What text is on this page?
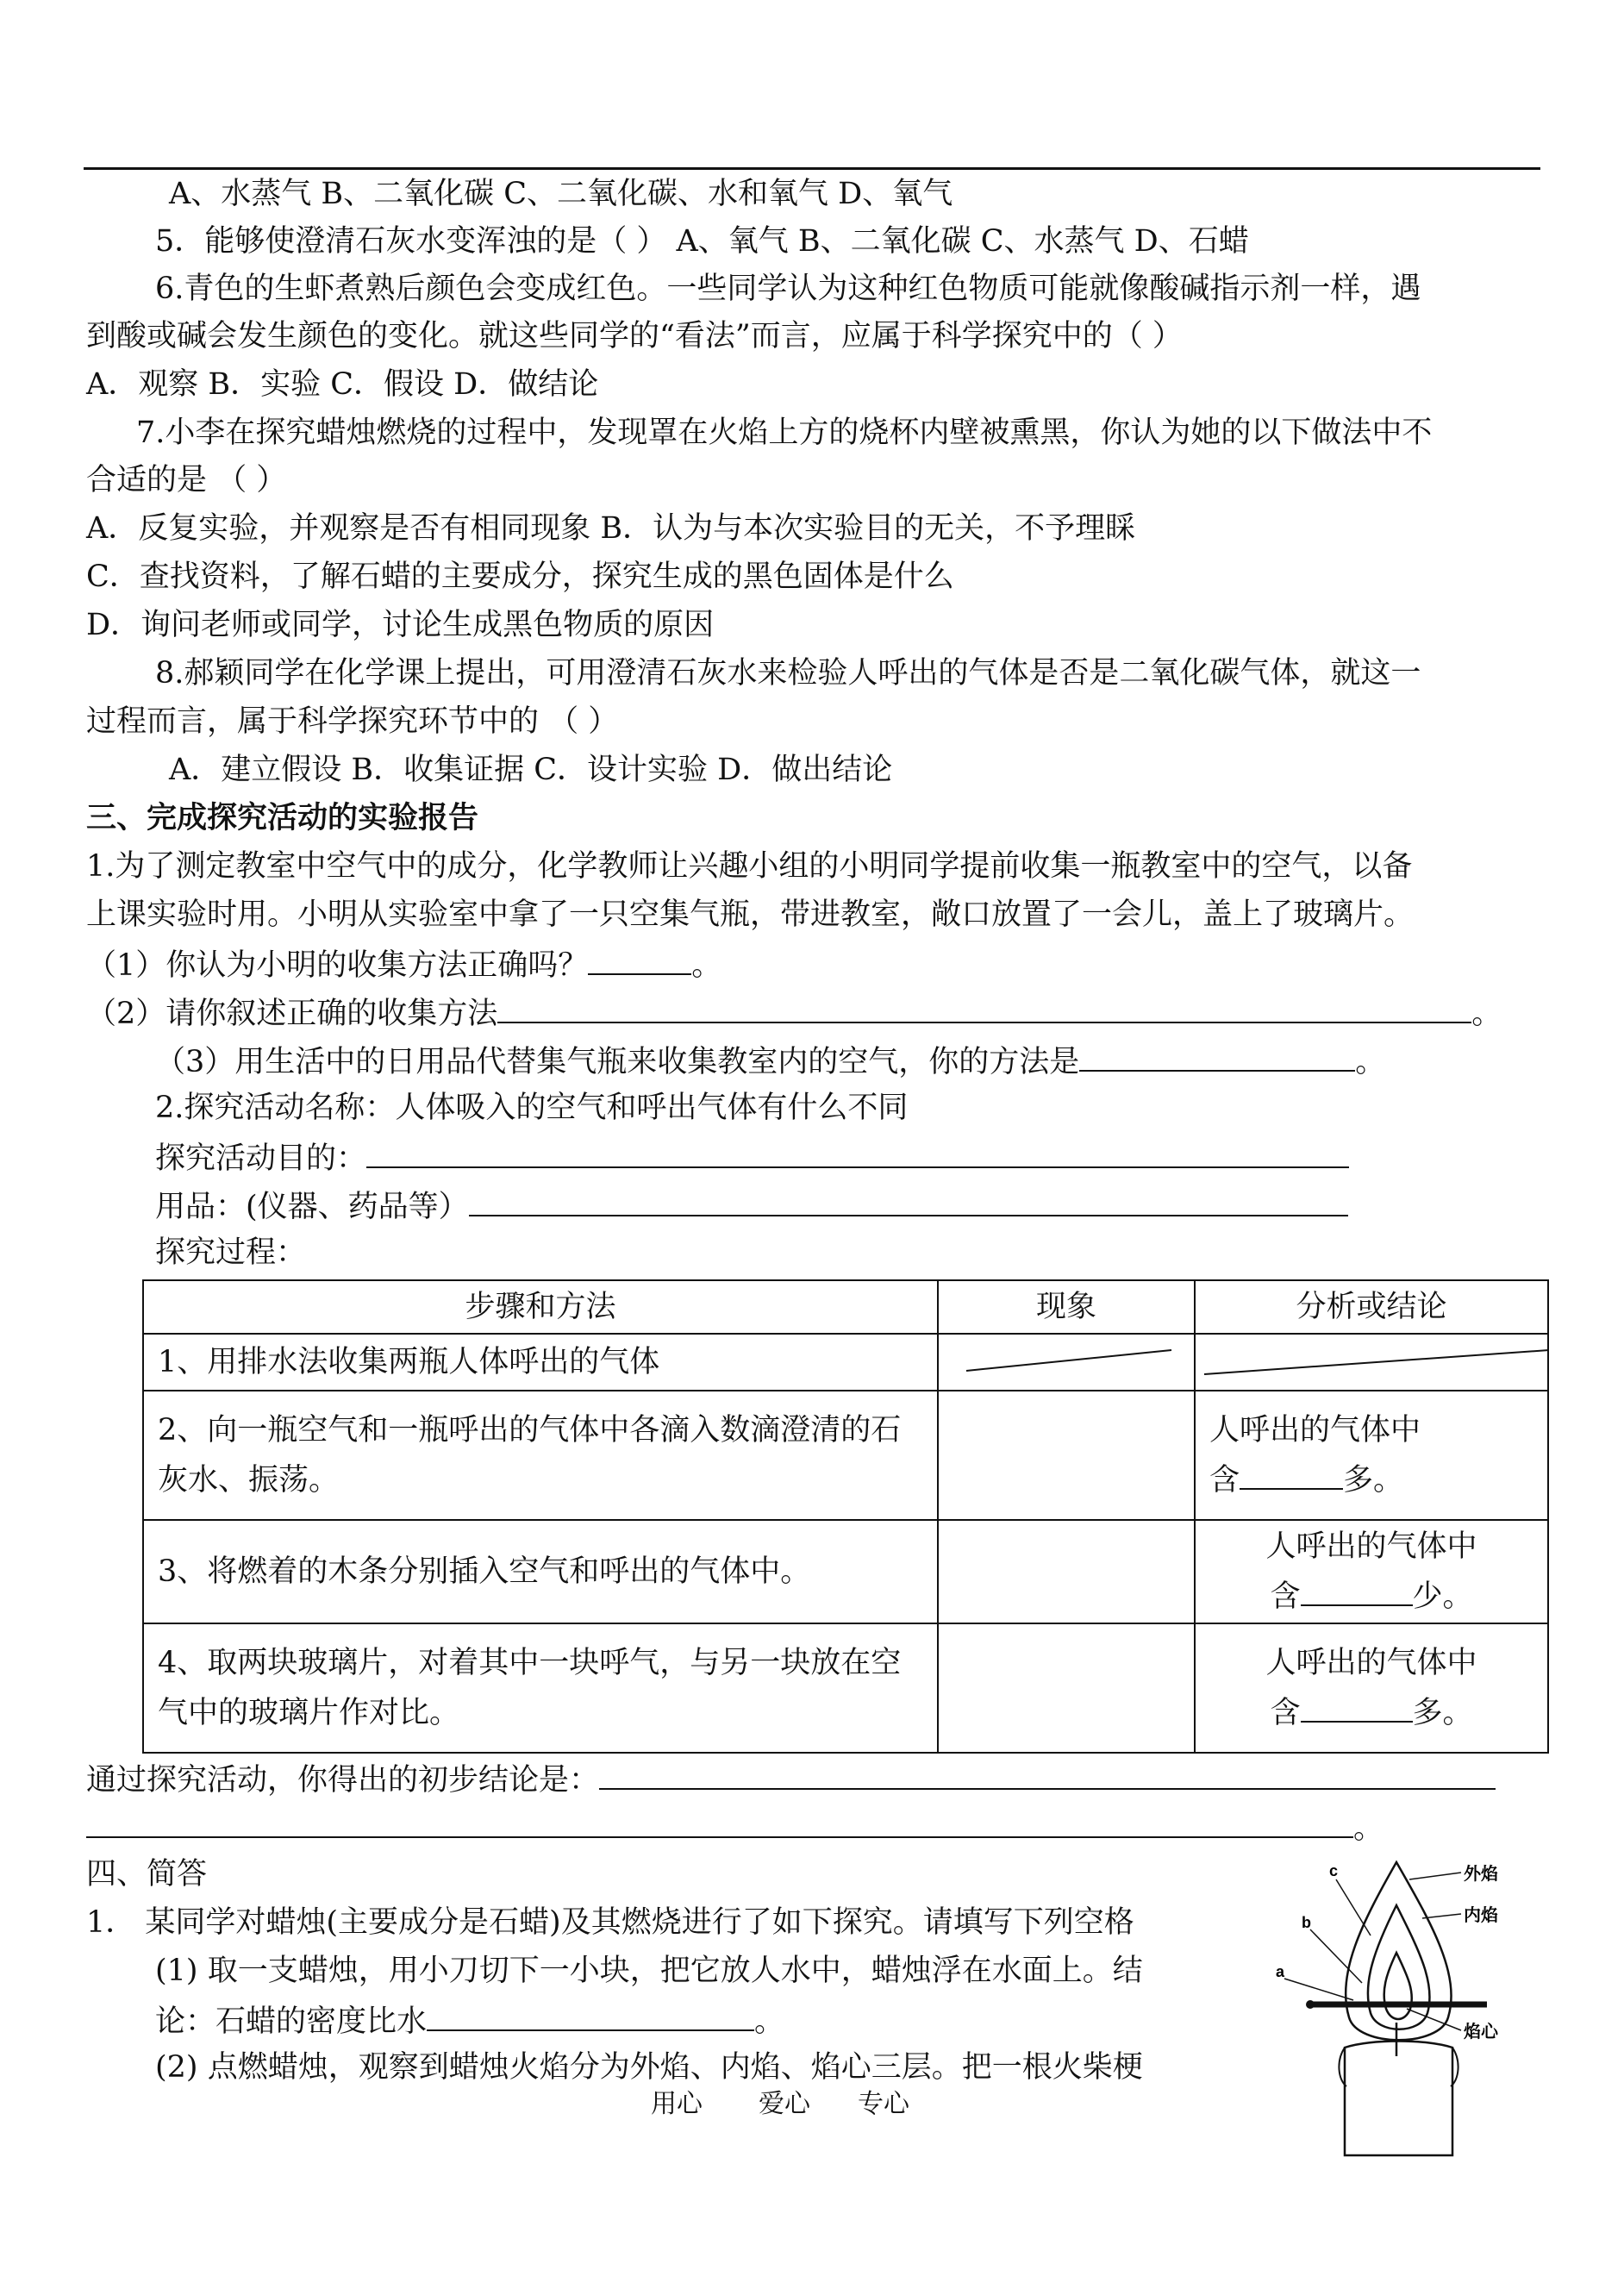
A、水蒸气 B、二氧化碳 C、二氧化碳、水和氧气 D、氧气
5．能够使澄清石灰水变浑浊的是（ ） A、氧气 B、二氧化碳 C、水蒸气 D、石蜡
6.青色的生虾煮熟后颜色会变成红色。一些同学认为这种红色物质可能就像酸碱指示剂一样，遇
到酸或碱会发生颜色的变化。就这些同学的“看法”而言，应属于科学探究中的（ ）
A．观察 B．实验 C．假设 D．做结论
7.小李在探究蜡烛燃烧的过程中，发现罩在火焰上方的烧杯内壁被熏黑，你认为她的以下做法中不
合适的是 （ ）
A．反复实验，并观察是否有相同现象 B．认为与本次实验目的无关，不予理睬
C．查找资料，了解石蜡的主要成分，探究生成的黑色固体是什么
D．询问老师或同学，讨论生成黑色物质的原因
8.郝颖同学在化学课上提出，可用澄清石灰水来检验人呼出的气体是否是二氧化碳气体，就这一
过程而言，属于科学探究环节中的 （ ）
A．建立假设 B．收集证据 C．设计实验 D．做出结论
三、完成探究活动的实验报告
1.为了测定教室中空气中的成分，化学教师让兴趣小组的小明同学提前收集一瓶教室中的空气，以备
上课实验时用。小明从实验室中拿了一只空集气瓶，带进教室，敞口放置了一会儿，盖上了玻璃片。
（1）你认为小明的收集方法正确吗？	。
（2）请你叙述正确的收集方法	。
（3）用生活中的日用品代替集气瓶来收集教室内的空气，你的方法是	。
2.探究活动名称：人体吸入的空气和呼出气体有什么不同
探究活动目的：
用品：(仪器、药品等）
探究过程：
步骤和方法	现象	分析或结论
1、用排水法收集两瓶人体呼出的气体	

2、向一瓶空气和一瓶呼出的气体中各滴入数滴澄清的石灰水、振荡。		人呼出的气体中
含 多。

3、将燃着的木条分别插入空气和呼出的气体中。		人呼出的气体中
含 少。

4、取两块玻璃片，对着其中一块呼气，与另一块放在空气中的玻璃片作对比。		人呼出的气体中
含 多。
通过探究活动，你得出的初步结论是：
。
四、简答
1． 某同学对蜡烛(主要成分是石蜡)及其燃烧进行了如下探究。请填写下列空格
(1) 取一支蜡烛，用小刀切下一小块，把它放人水中，蜡烛浮在水面上。结
论：石蜡的密度比水	。
(2) 点燃蜡烛，观察到蜡烛火焰分为外焰、内焰、焰心三层。把一根火柴梗
外焰
内焰
焰心
c
b
a
用心 爱心 专心
